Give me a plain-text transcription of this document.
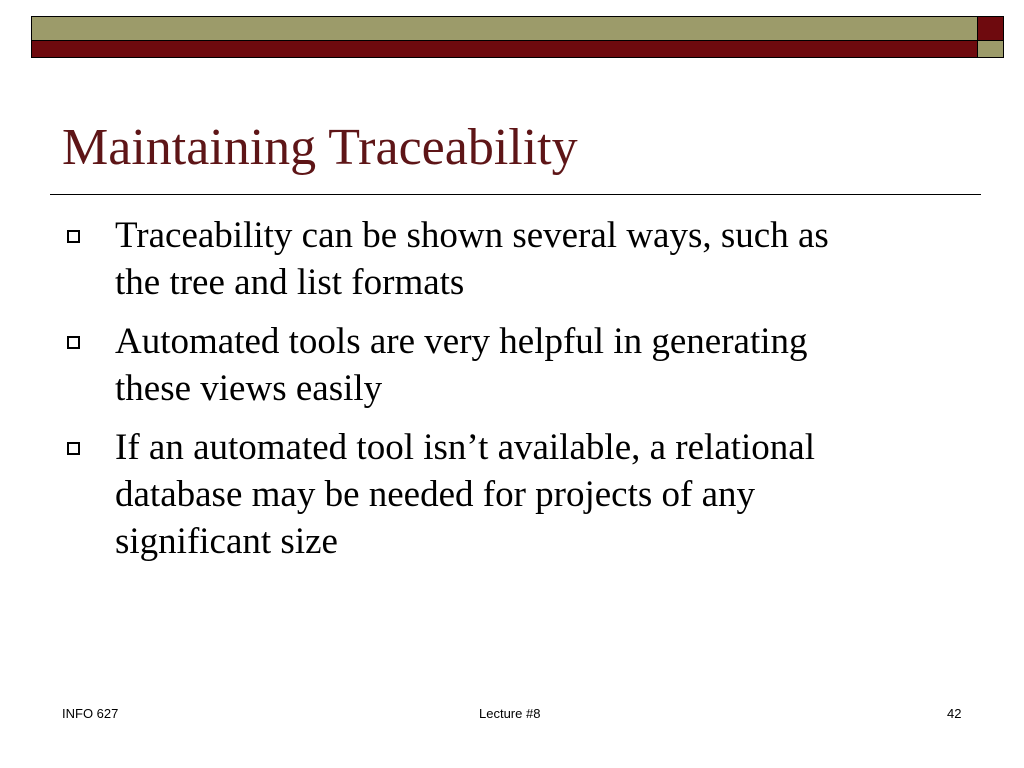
Maintaining Traceability
Traceability can be shown several ways, such as the tree and list formats
Automated tools are very helpful in generating these views easily
If an automated tool isn’t available, a relational database may be needed for projects of any significant size
INFO 627	Lecture #8	42
